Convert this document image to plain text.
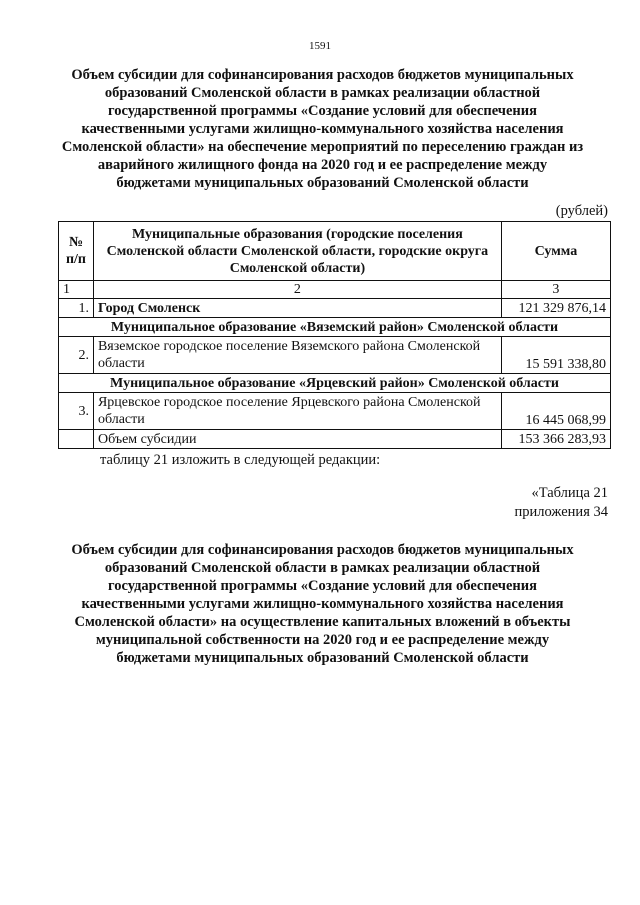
1591
Объем субсидии для софинансирования расходов бюджетов муниципальных
образований Смоленской области в рамках реализации областной
государственной программы «Создание условий для обеспечения
качественными услугами жилищно-коммунального хозяйства населения
Смоленской области» на обеспечение мероприятий по переселению граждан из
аварийного жилищного фонда на 2020 год и ее распределение между
бюджетами муниципальных образований Смоленской области
(рублей)
№ п/п	Муниципальные образования (городские поселения Смоленской области Смоленской области, городские округа Смоленской области)	Сумма
1	2	3
1.	Город Смоленск	121 329 876,14
Муниципальное образование «Вяземский район» Смоленской области		
2.	Вяземское городское поселение Вяземского района Смоленской области	15 591 338,80
Муниципальное образование «Ярцевский район» Смоленской области		
3.	Ярцевское городское поселение Ярцевского района Смоленской области	16 445 068,99
	Объем субсидии	153 366 283,93
таблицу 21 изложить в следующей редакции:
«Таблица 21
приложения 34
Объем субсидии для софинансирования расходов бюджетов муниципальных
образований Смоленской области в рамках реализации областной
государственной программы «Создание условий для обеспечения
качественными услугами жилищно-коммунального хозяйства населения
Смоленской области» на осуществление капитальных вложений в объекты
муниципальной собственности на 2020 год и ее распределение между
бюджетами муниципальных образований Смоленской области
